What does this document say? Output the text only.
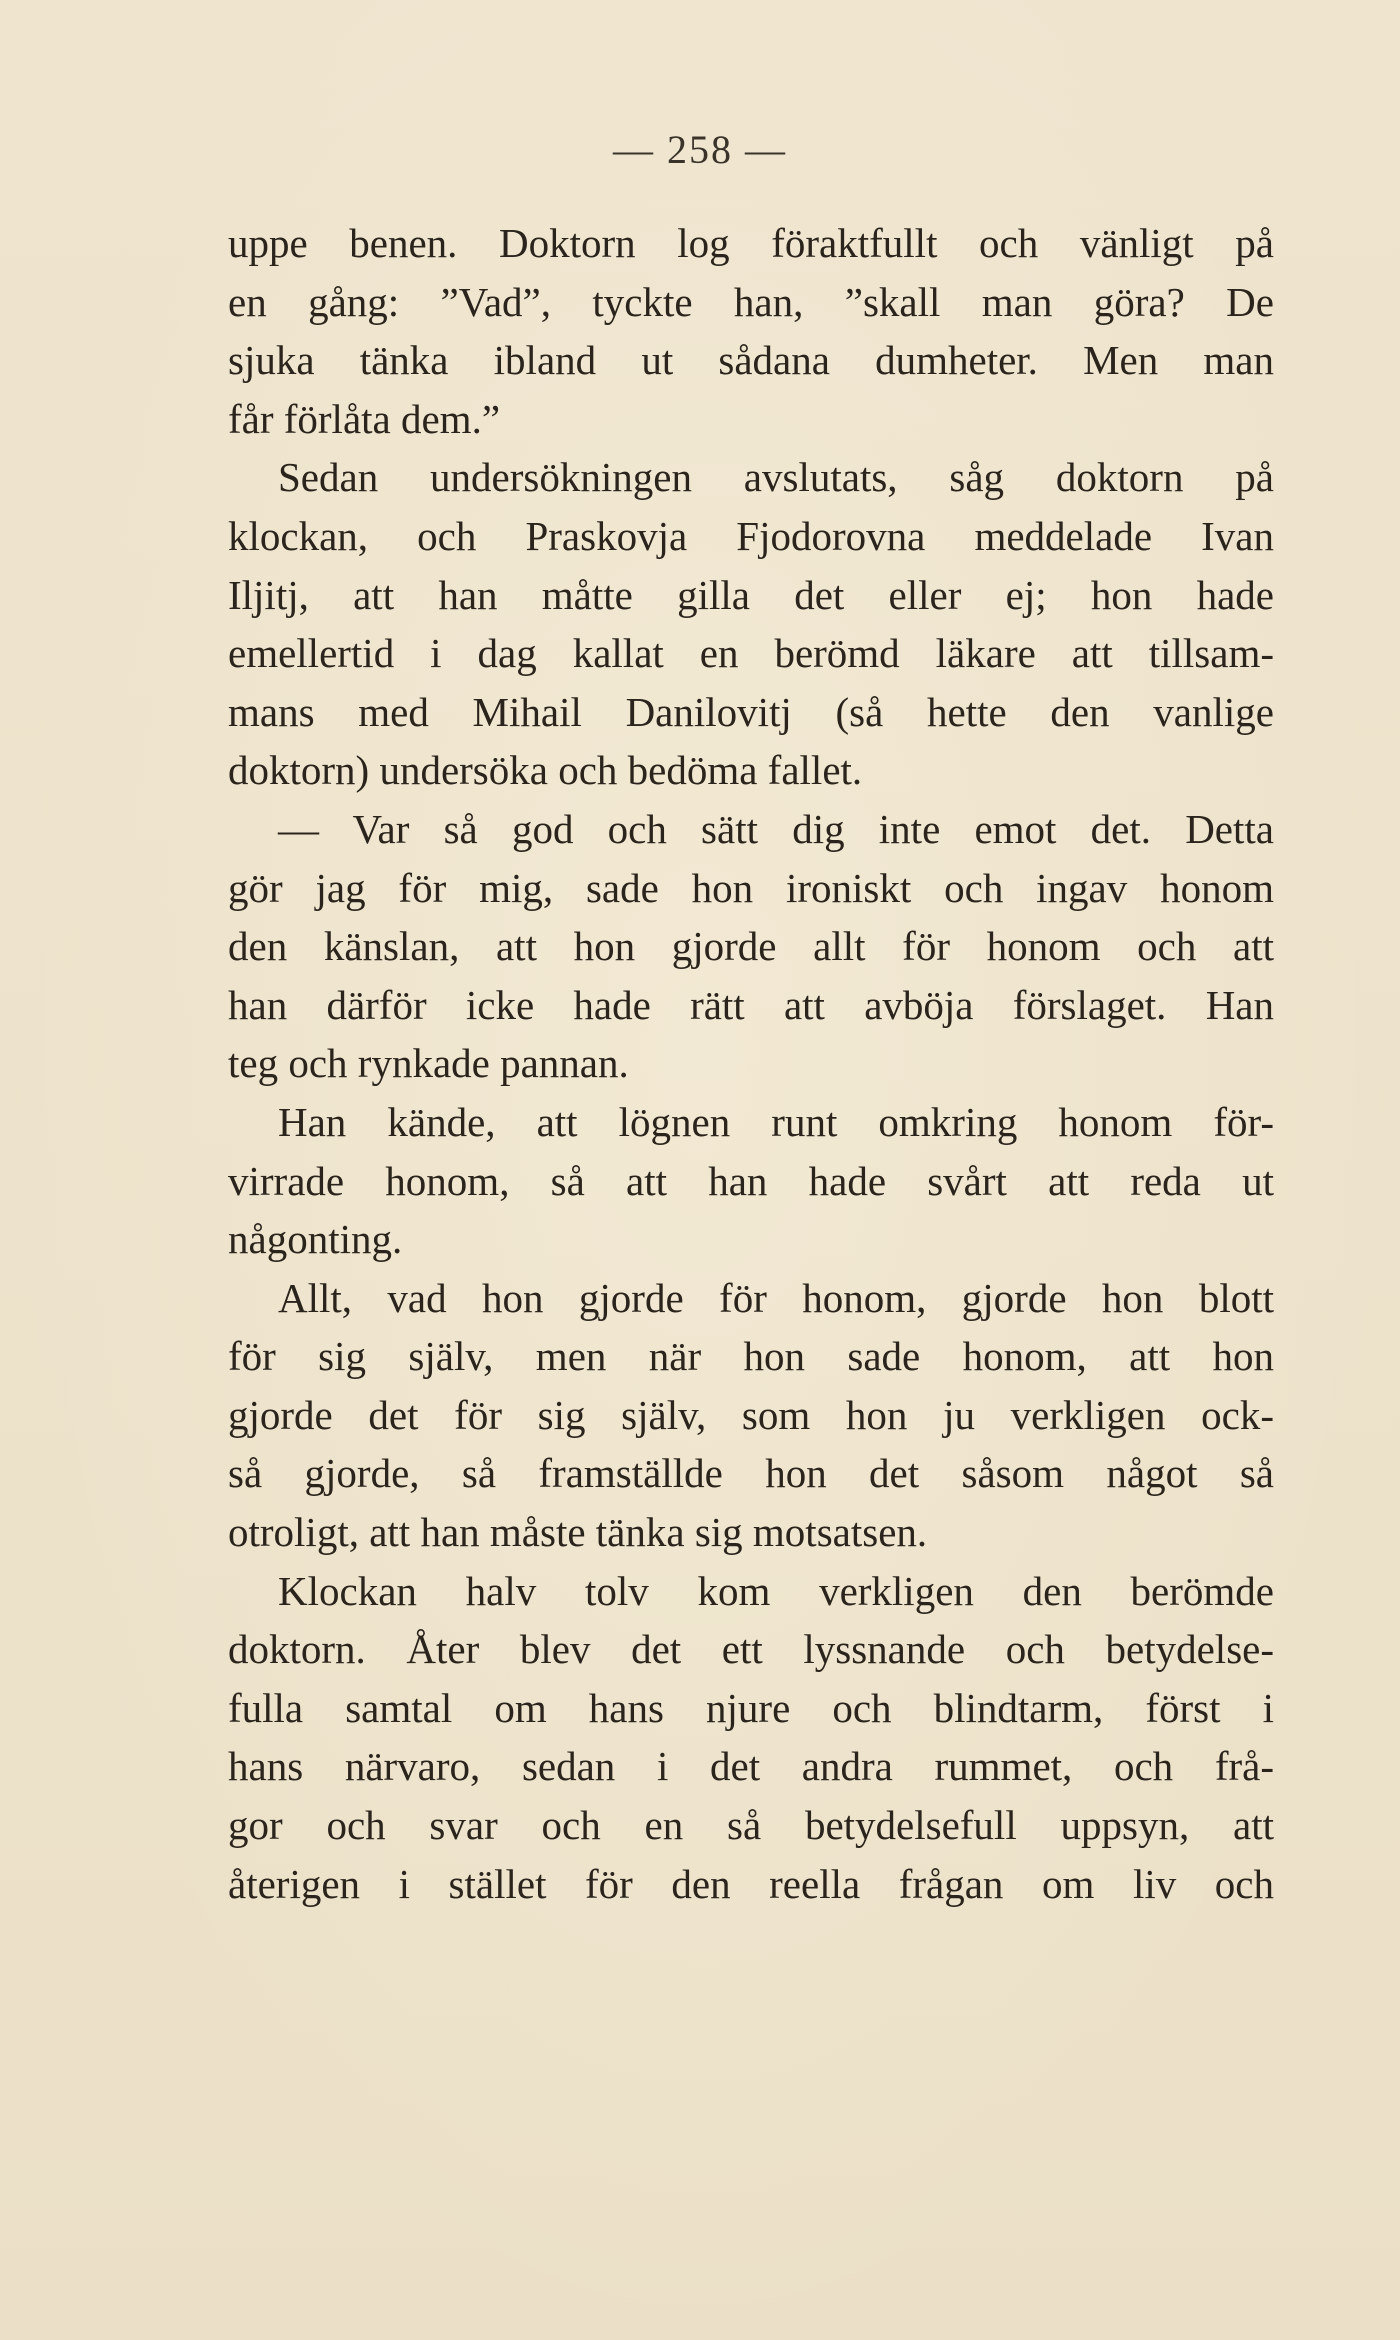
— 258 —
uppe benen. Doktorn log föraktfullt och vänligt på
en gång: ”Vad”, tyckte han, ”skall man göra? De
sjuka tänka ibland ut sådana dumheter. Men man
får förlåta dem.”
Sedan undersökningen avslutats, såg doktorn på
klockan, och Praskovja Fjodorovna meddelade Ivan
Iljitj, att han måtte gilla det eller ej; hon hade
emellertid i dag kallat en berömd läkare att tillsam-
mans med Mihail Danilovitj (så hette den vanlige
doktorn) undersöka och bedöma fallet.
— Var så god och sätt dig inte emot det. Detta
gör jag för mig, sade hon ironiskt och ingav honom
den känslan, att hon gjorde allt för honom och att
han därför icke hade rätt att avböja förslaget. Han
teg och rynkade pannan.
Han kände, att lögnen runt omkring honom för-
virrade honom, så att han hade svårt att reda ut
någonting.
Allt, vad hon gjorde för honom, gjorde hon blott
för sig själv, men när hon sade honom, att hon
gjorde det för sig själv, som hon ju verkligen ock-
så gjorde, så framställde hon det såsom något så
otroligt, att han måste tänka sig motsatsen.
Klockan halv tolv kom verkligen den berömde
doktorn. Åter blev det ett lyssnande och betydelse-
fulla samtal om hans njure och blindtarm, först i
hans närvaro, sedan i det andra rummet, och frå-
gor och svar och en så betydelsefull uppsyn, att
återigen i stället för den reella frågan om liv och
